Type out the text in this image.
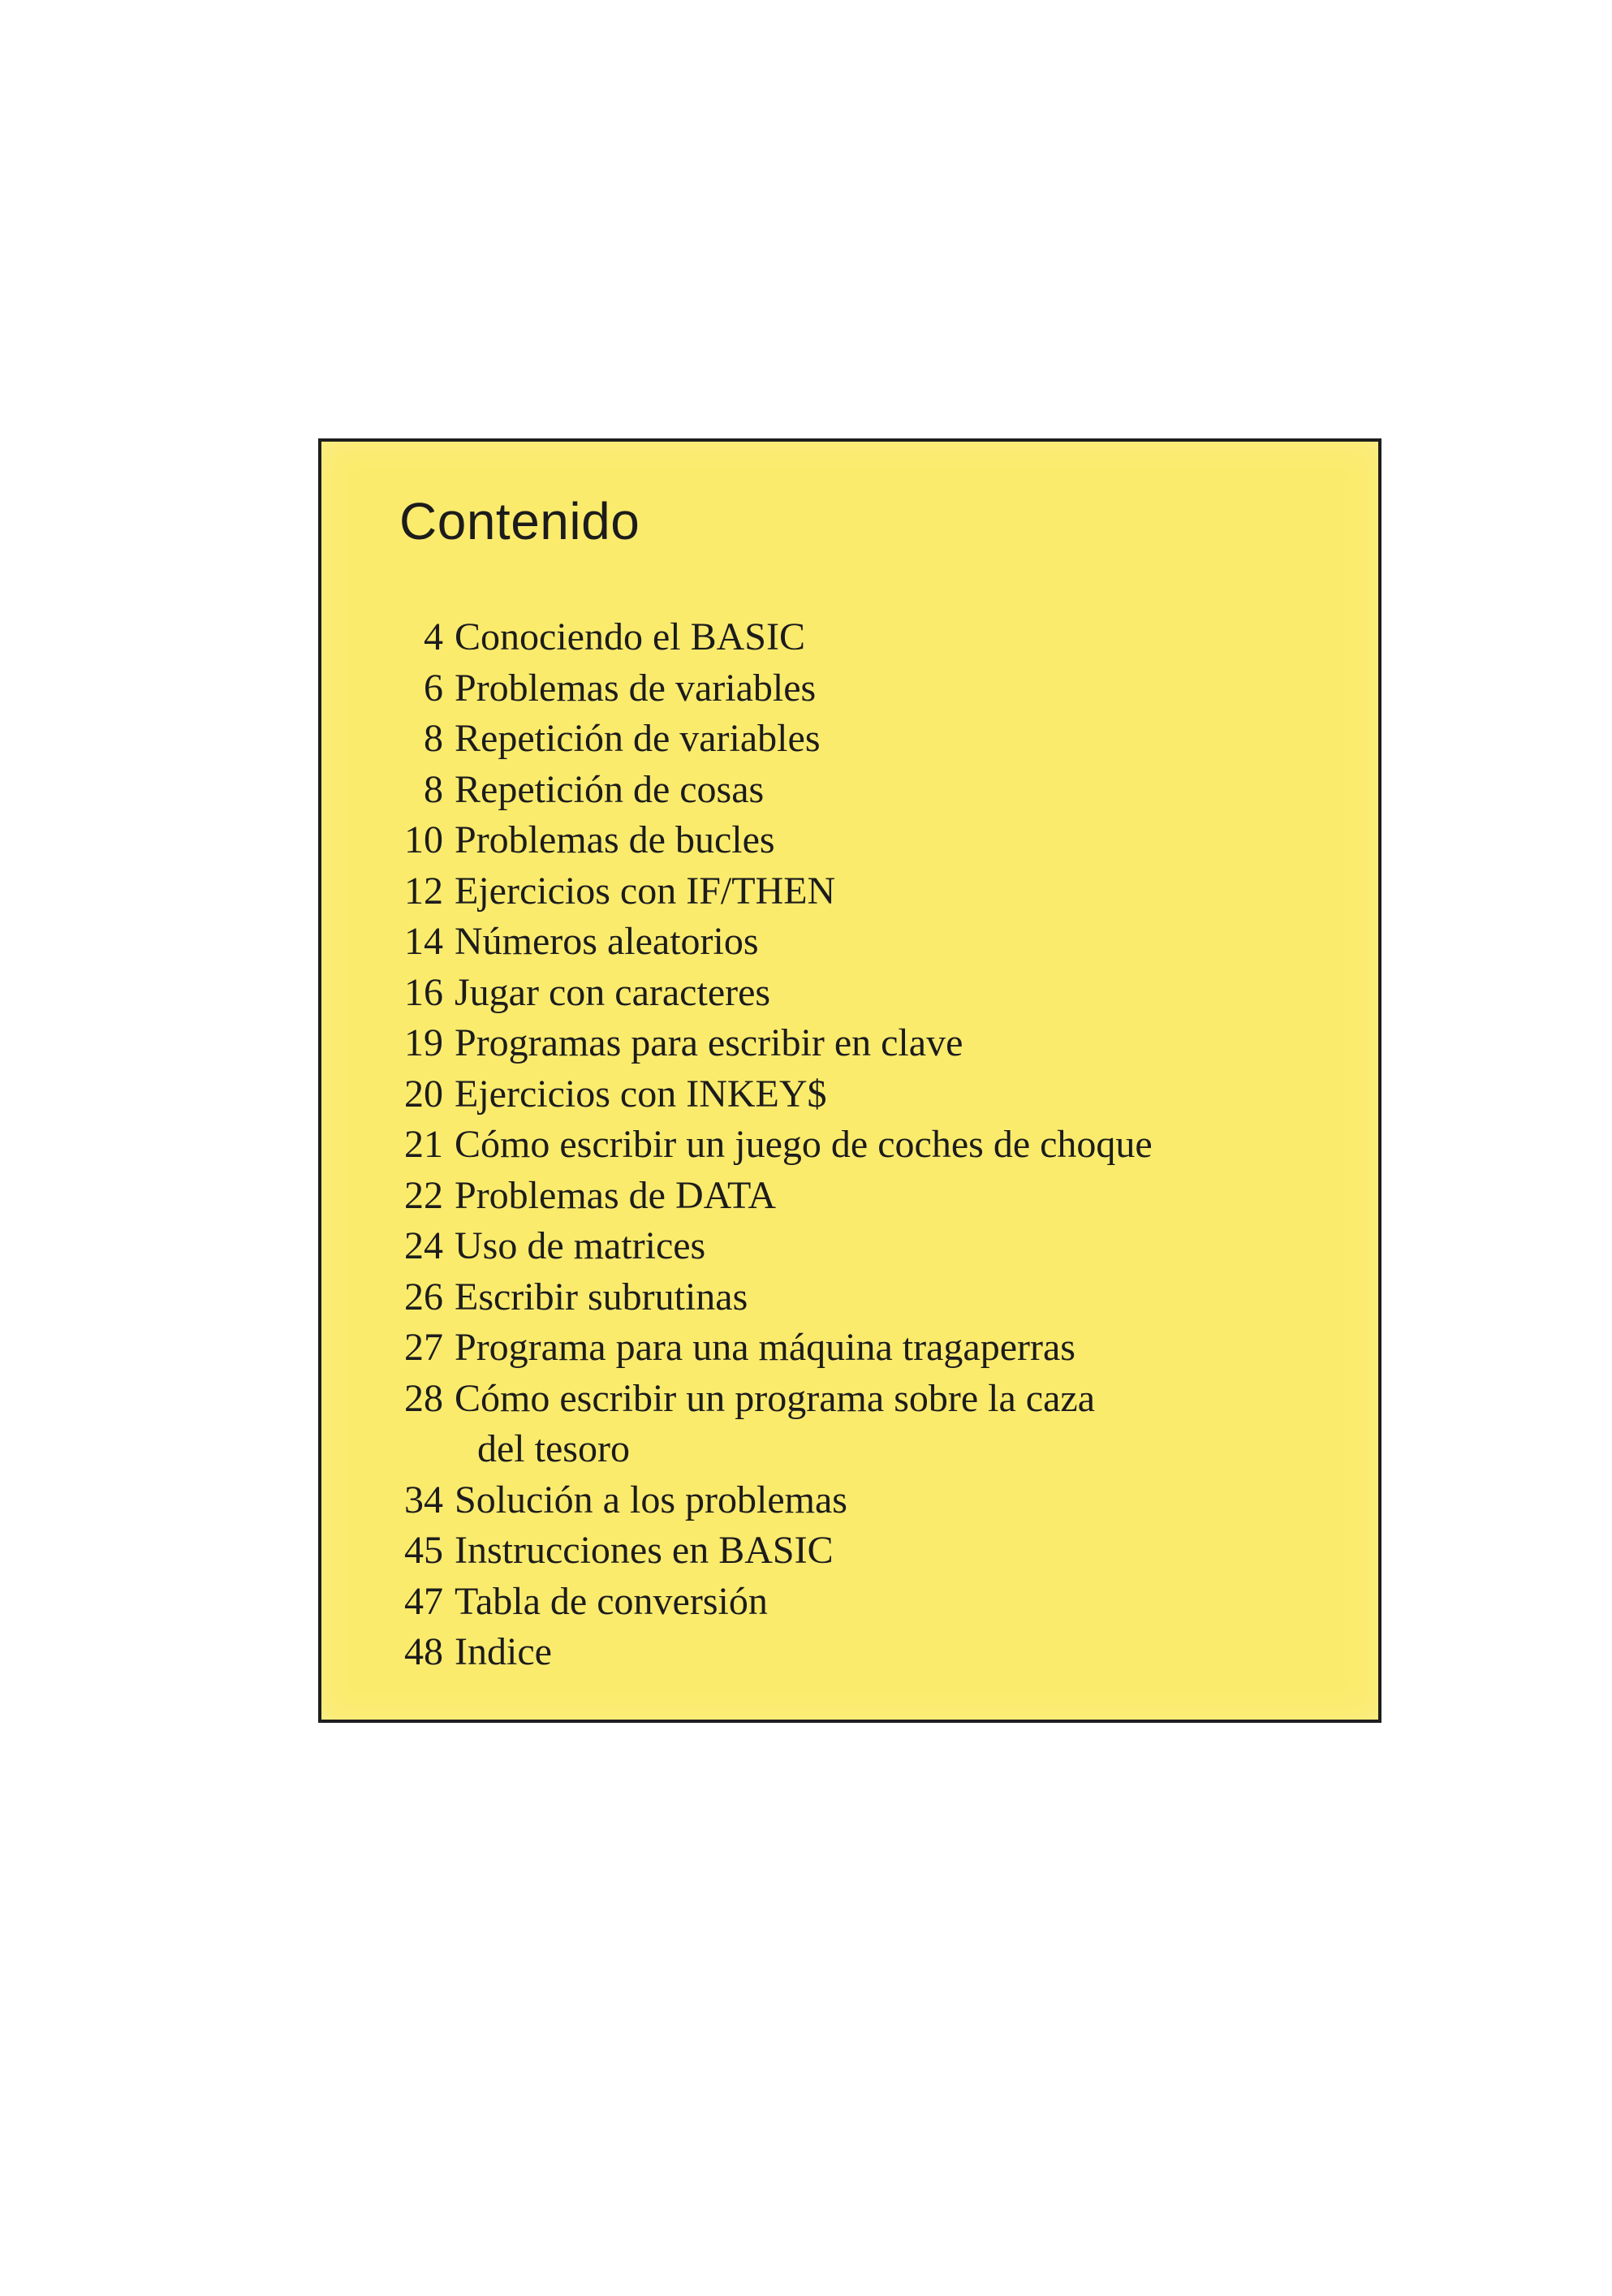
Contenido
4 Conociendo el BASIC
6 Problemas de variables
8 Repetición de variables
8 Repetición de cosas
10 Problemas de bucles
12 Ejercicios con IF/THEN
14 Números aleatorios
16 Jugar con caracteres
19 Programas para escribir en clave
20 Ejercicios con INKEY$
21 Cómo escribir un juego de coches de choque
22 Problemas de DATA
24 Uso de matrices
26 Escribir subrutinas
27 Programa para una máquina tragaperras
28 Cómo escribir un programa sobre la caza
del tesoro
34 Solución a los problemas
45 Instrucciones en BASIC
47 Tabla de conversión
48 Indice
